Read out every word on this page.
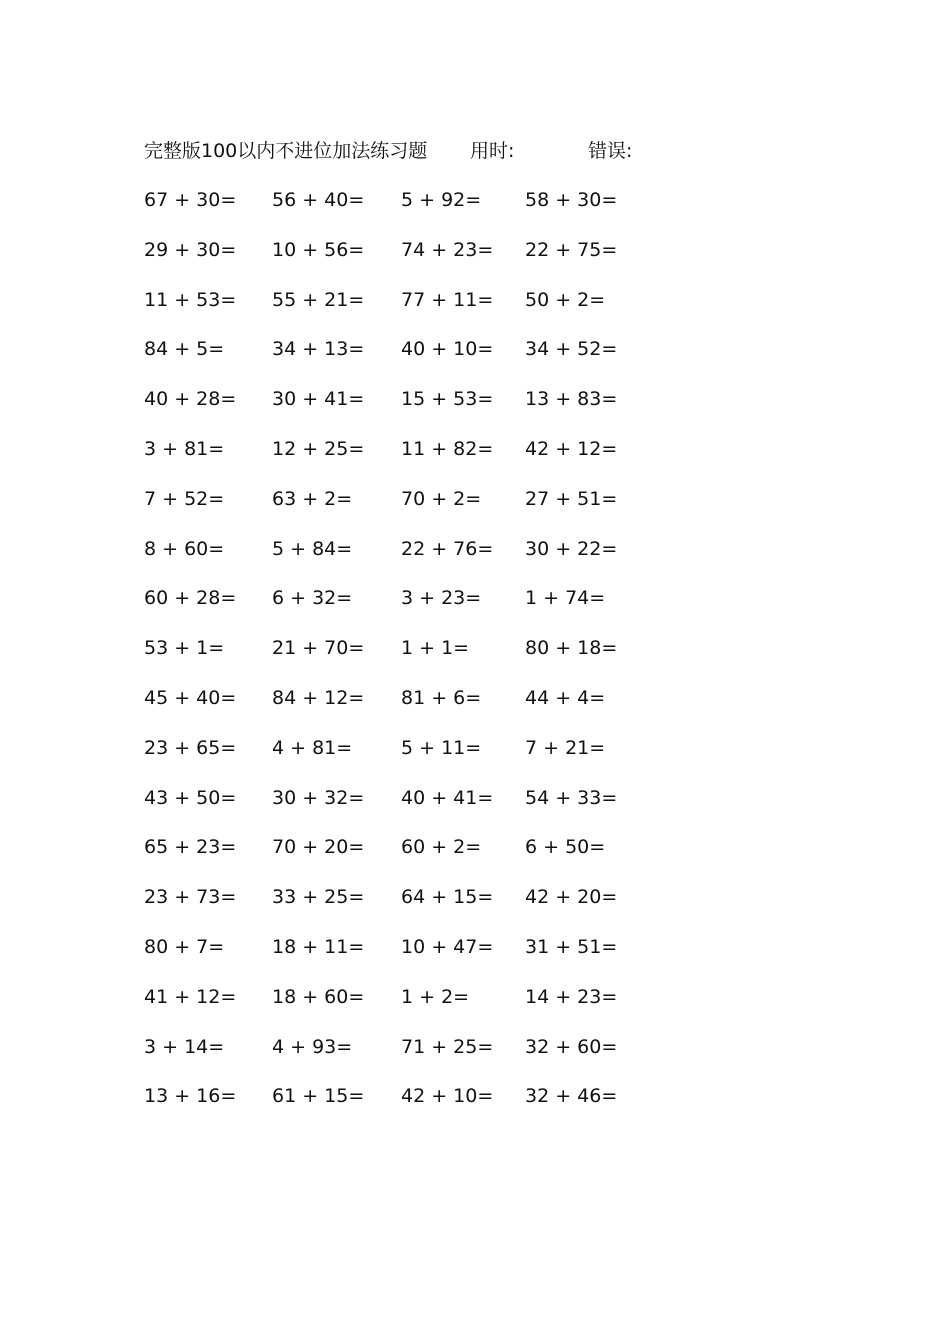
完整版100以内不进位加法练习题 用时:	错误:
67 + 30= 56 + 40= 5 + 92= 58 + 30=
29 + 30= 10 + 56= 74 + 23= 22 + 75=
11 + 53= 55 + 21= 77 + 11= 50 + 2=
84 + 5=	34 + 13= 40 + 10= 34 + 52=
40 + 28= 30 + 41= 15 + 53= 13 + 83=
3 + 81=	12 + 25= 11 + 82= 42 + 12=
7 + 52=	63 + 2=	70 + 2= 27 + 51=
8 + 60=	5 + 84=	22 + 76= 30 + 22=
60 + 28= 6 + 32=	3 + 23= 1 + 74=
53 + 1=	21 + 70= 1 + 1=	80 + 18=
45 + 40= 84 + 12= 81 + 6= 44 + 4=
23 + 65= 4 + 81=	5 + 11= 7 + 21=
43 + 50= 30 + 32= 40 + 41= 54 + 33=
65 + 23= 70 + 20= 60 + 2= 6 + 50=
23 + 73= 33 + 25= 64 + 15= 42 + 20=
80 + 7=	18 + 11= 10 + 47= 31 + 51=
41 + 12= 18 + 60= 1 + 2=	14 + 23=
3 + 14=	4 + 93=	71 + 25= 32 + 60=
13 + 16= 61 + 15= 42 + 10= 32 + 46=
